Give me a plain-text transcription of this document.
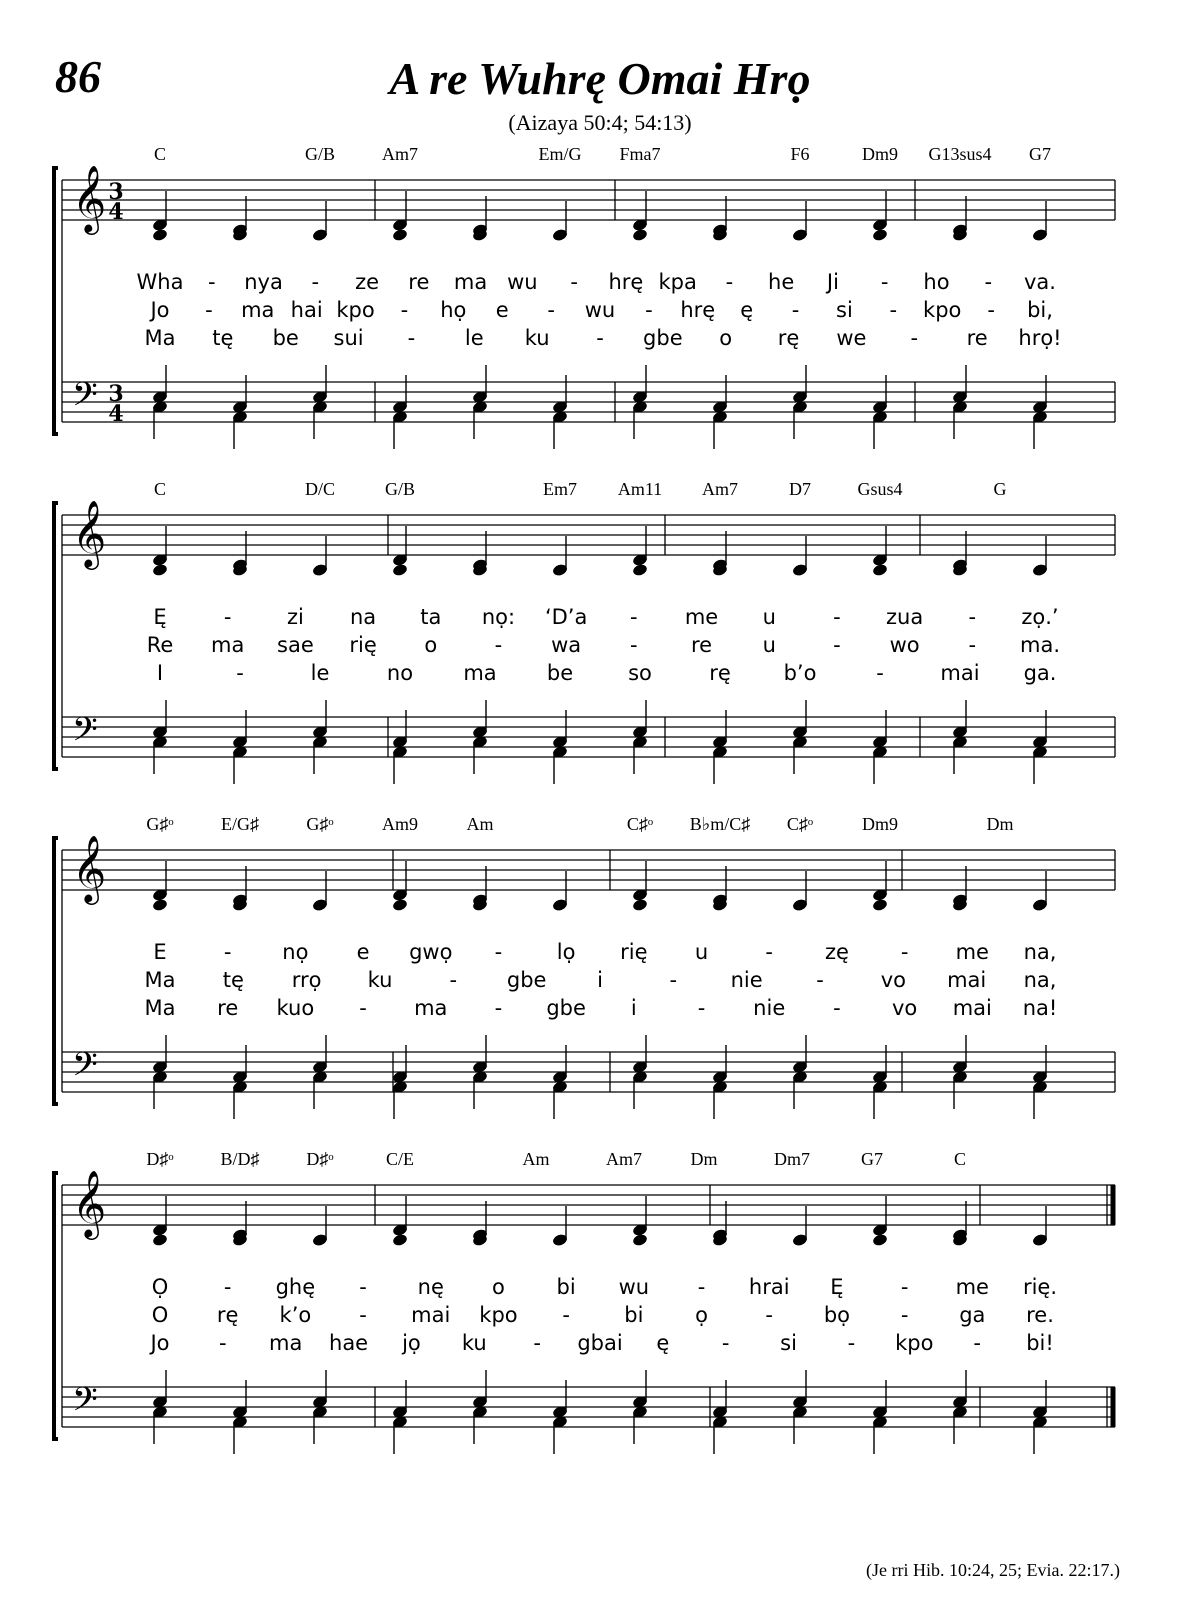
86	A re Wuhrę Omai Hrọ
(Aizaya 50:4; 54:13)
𝄞
𝄢
3
4
3
4
𝄞
𝄢
𝄞
𝄢
𝄞
𝄢
C	G/B	Am7	Em/G Fma7	F6	Dm9 G13sus4 G7
Wha - nya - ze re ma wu - hrę kpa - he Ji - ho - va.
Jo - ma hai kpo - họ e - wu - hrę ę - si - kpo - bi,
Ma tę be sui - le ku - gbe o rę we - re hrọ!
C	D/C	G/B	Em7 Am11 Am7	D7	Gsus4	G
Ę	-	zi na ta nọ: ‘D’a - me u	- zua - zọ.’
Re ma sae rię o	- wa -	re u	- wo - ma.
I	-	le	no ma be	so	rę	b’o	-	mai ga.
G♯ᵒ	E/G♯	G♯ᵒ	Am9	Am	C♯ᵒ B♭m/C♯ C♯ᵒ	Dm9	Dm
E	- nọ e gwọ -	lọ rię u	- zę - me na,
Ma tę rrọ ku	- gbe i	-	nie	-	vo mai na,
Ma re kuo - ma - gbe i	- nie - vo mai na!
D♯ᵒ	B/D♯	D♯ᵒ	C/E	Am	Am7	Dm	Dm7	G7	C
Ọ	- ghę - nę o bi wu - hrai Ę	- me rię.
O rę k’o - mai kpo -	bi ọ	- bọ - ga re.
Jo - ma hae jọ ku - gbai ę	- si - kpo - bi!
(Je rri Hib. 10:24, 25; Evia. 22:17.)
